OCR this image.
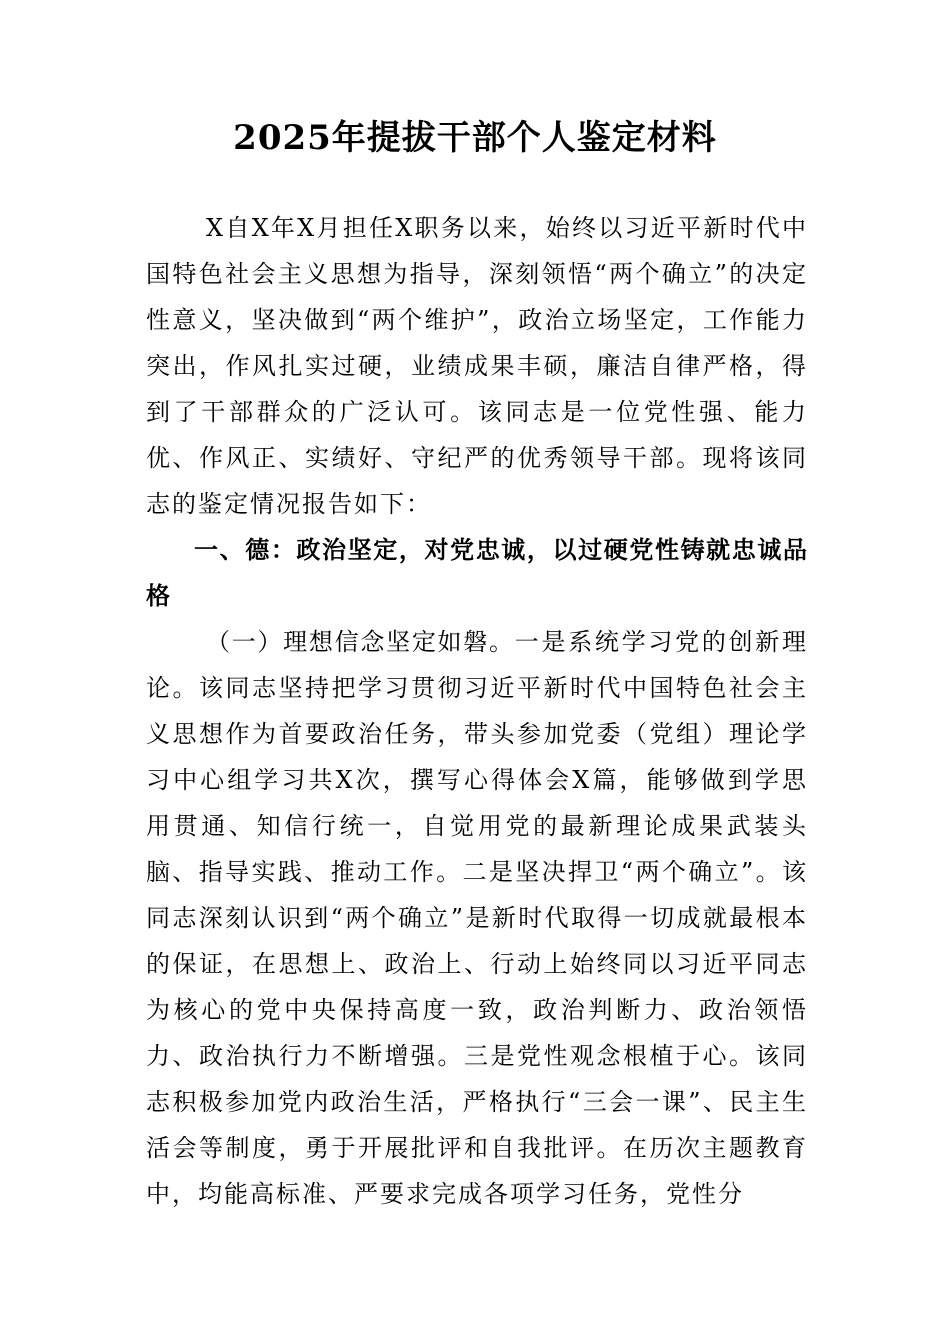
2025年提拔干部个人鉴定材料

X自X年X月担任X职务以来，始终以习近平新时代中国特色社会主义思想为指导，深刻领悟“两个确立”的决定性意义，坚决做到“两个维护”，政治立场坚定，工作能力突出，作风扎实过硬，业绩成果丰硕，廉洁自律严格，得到了干部群众的广泛认可。该同志是一位党性强、能力优、作风正、实绩好、守纪严的优秀领导干部。现将该同志的鉴定情况报告如下：

一、德：政治坚定，对党忠诚，以过硬党性铸就忠诚品格

（一）理想信念坚定如磐。一是系统学习党的创新理论。该同志坚持把学习贯彻习近平新时代中国特色社会主义思想作为首要政治任务，带头参加党委（党组）理论学习中心组学习共X次，撰写心得体会X篇，能够做到学思用贯通、知信行统一，自觉用党的最新理论成果武装头脑、指导实践、推动工作。二是坚决捍卫“两个确立”。该同志深刻认识到“两个确立”是新时代取得一切成就最根本的保证，在思想上、政治上、行动上始终同以习近平同志为核心的党中央保持高度一致，政治判断力、政治领悟力、政治执行力不断增强。三是党性观念根植于心。该同志积极参加党内政治生活，严格执行“三会一课”、民主生活会等制度，勇于开展批评和自我批评。在历次主题教育中，均能高标准、严要求完成各项学习任务，党性分
